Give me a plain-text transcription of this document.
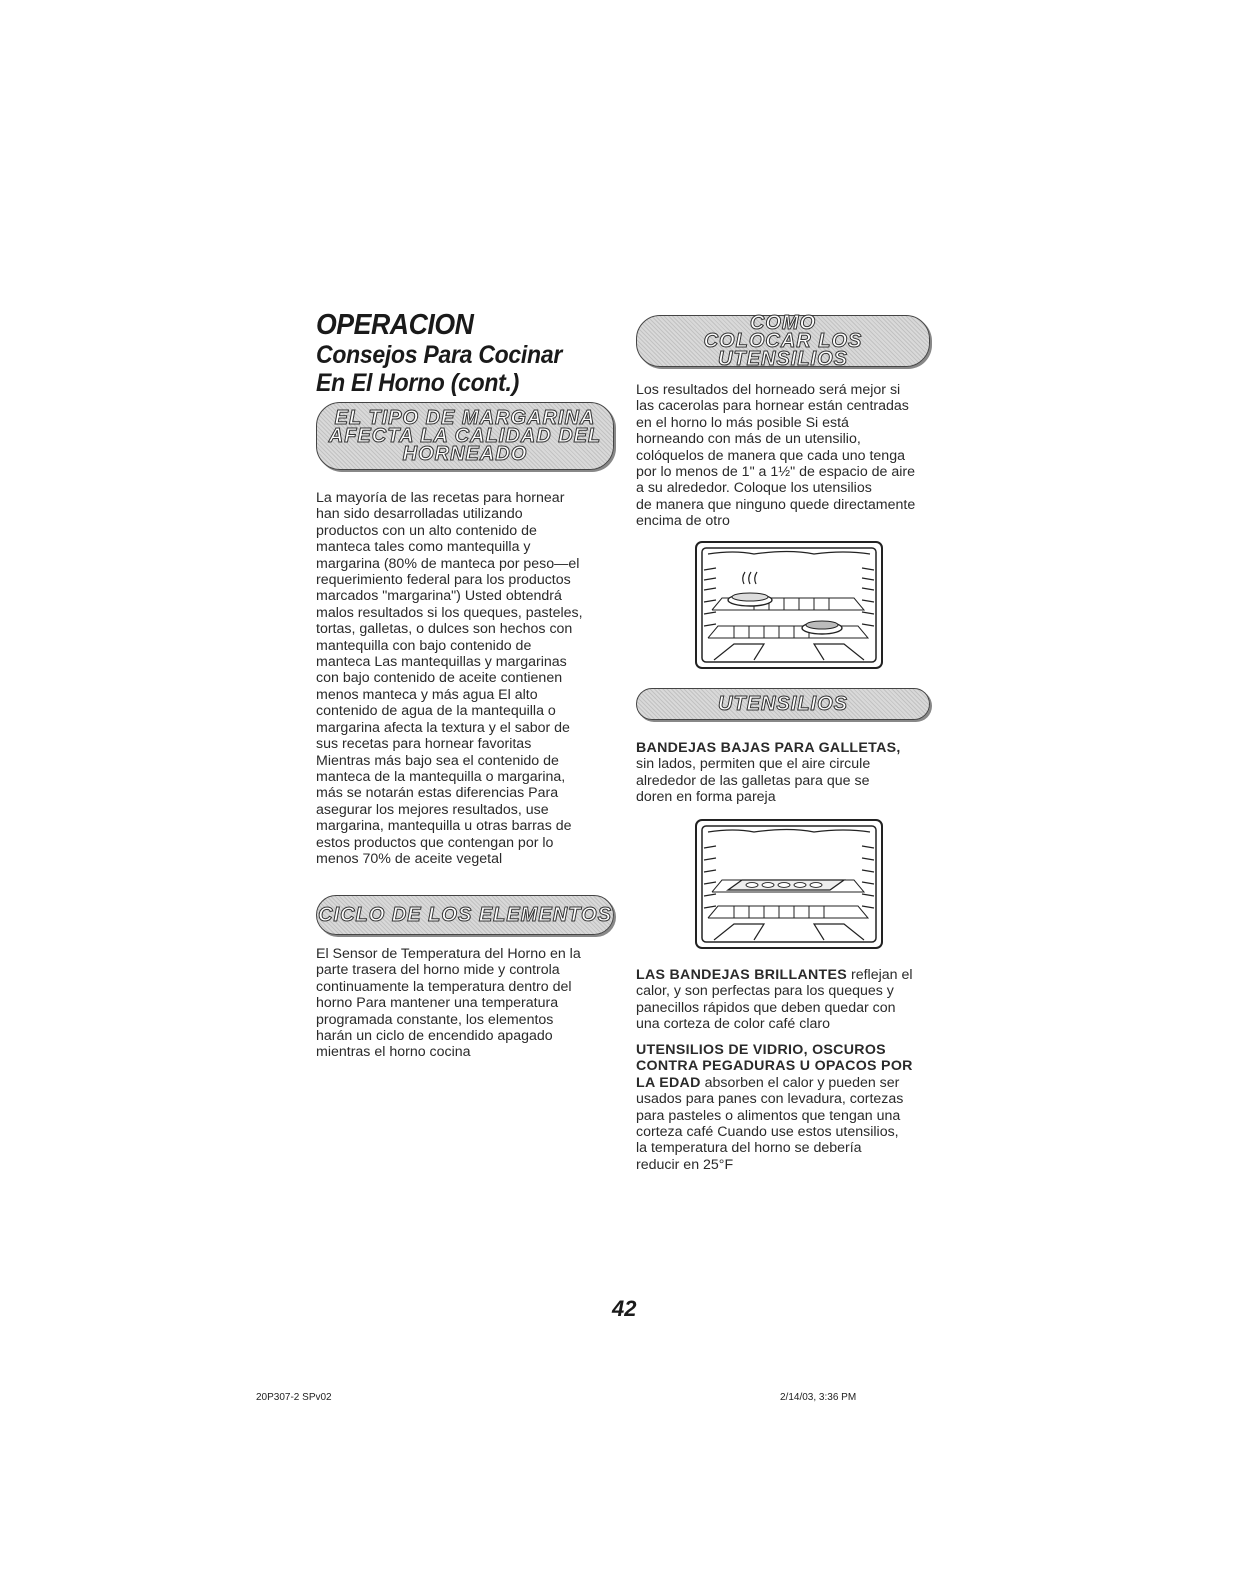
OPERACION
Consejos Para Cocinar
En El Horno (cont.)
EL TIPO DE MARGARINA
AFECTA LA CALIDAD DEL
HORNEADO
La mayoría de las recetas para hornear
han sido desarrolladas utilizando
productos con un alto contenido de
manteca tales como mantequilla y
margarina (80% de manteca por peso—el
requerimiento federal para los productos
marcados "margarina") Usted obtendrá
malos resultados si los queques, pasteles,
tortas, galletas, o dulces son hechos con
mantequilla con bajo contenido de
manteca Las mantequillas y margarinas
con bajo contenido de aceite contienen
menos manteca y más agua El alto
contenido de agua de la mantequilla o
margarina afecta la textura y el sabor de
sus recetas para hornear favoritas
Mientras más bajo sea el contenido de
manteca de la mantequilla o margarina,
más se notarán estas diferencias Para
asegurar los mejores resultados, use
margarina, mantequilla u otras barras de
estos productos que contengan por lo
menos 70% de aceite vegetal
CICLO DE LOS ELEMENTOS
El Sensor de Temperatura del Horno en la
parte trasera del horno mide y controla
continuamente la temperatura dentro del
horno Para mantener una temperatura
programada constante, los elementos
harán un ciclo de encendido apagado
mientras el horno cocina
COMO
COLOCAR LOS UTENSILIOS
Los resultados del horneado será mejor si
las cacerolas para hornear están centradas
en el horno lo más posible Si está
horneando con más de un utensilio,
colóquelos de manera que cada uno tenga
por lo menos de 1" a 1½" de espacio de aire
a su alrededor. Coloque los utensilios
de manera que ninguno quede directamente
encima de otro
UTENSILIOS
BANDEJAS BAJAS PARA GALLETAS,
sin lados, permiten que el aire circule
alrededor de las galletas para que se
doren en forma pareja
LAS BANDEJAS BRILLANTES reflejan el
calor, y son perfectas para los queques y
panecillos rápidos que deben quedar con
una corteza de color café claro
UTENSILIOS DE VIDRIO, OSCUROS
CONTRA PEGADURAS U OPACOS POR
LA EDAD absorben el calor y pueden ser
usados para panes con levadura, cortezas
para pasteles o alimentos que tengan una
corteza café Cuando use estos utensilios,
la temperatura del horno se debería
reducir en 25°F
42
20P307-2 SPv02	2/14/03, 3:36 PM
